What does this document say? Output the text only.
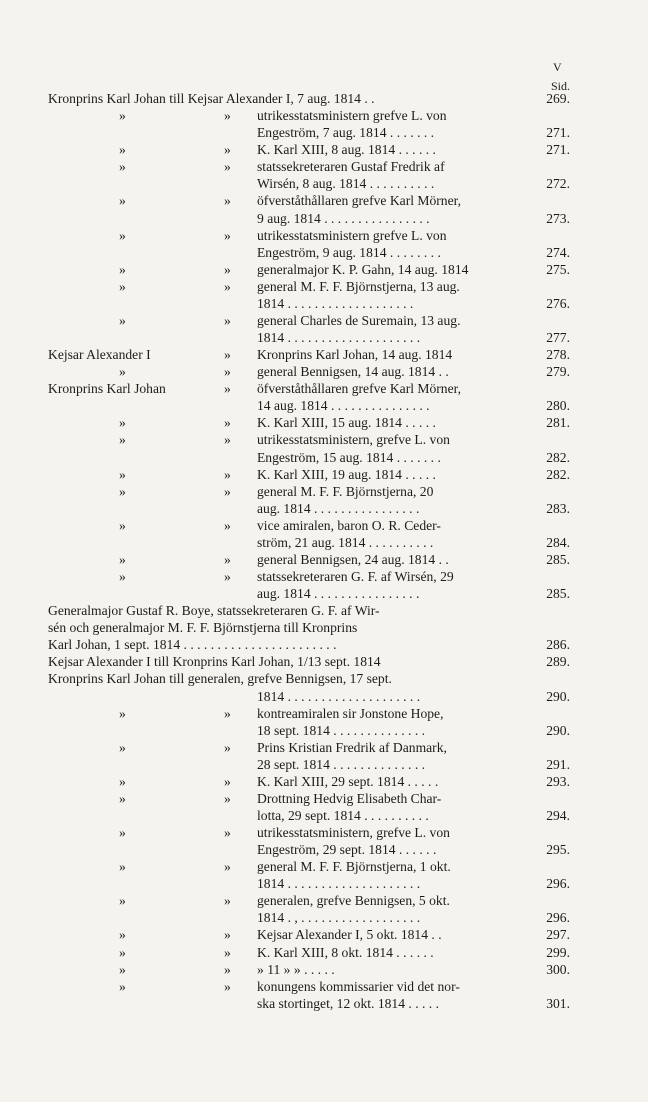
V
Sid.
Kronprins Karl Johan till Kejsar Alexander I, 7 aug. 1814 . .	269.
»	» utrikesstatsministern grefve L. von
Engeström, 7 aug. 1814 . . . . . . .	271.
»	» K. Karl XIII, 8 aug. 1814 . . . . . .	271.
»	» statssekreteraren Gustaf Fredrik af
Wirsén, 8 aug. 1814 . . . . . . . . . .	272.
»	» öfverståthållaren grefve Karl Mörner,
9 aug. 1814 . . . . . . . . . . . . . . . .	273.
»	» utrikesstatsministern grefve L. von
Engeström, 9 aug. 1814 . . . . . . . .	274.
»	» generalmajor K. P. Gahn, 14 aug. 1814	275.
»	» general M. F. F. Björnstjerna, 13 aug.
1814 . . . . . . . . . . . . . . . . . . .	276.
»	» general Charles de Suremain, 13 aug.
1814 . . . . . . . . . . . . . . . . . . . .	277.
Kejsar Alexander I	» Kronprins Karl Johan, 14 aug. 1814	278.
»	» general Bennigsen, 14 aug. 1814 . .	279.
Kronprins Karl Johan	» öfverståthållaren grefve Karl Mörner,
14 aug. 1814 . . . . . . . . . . . . . . .	280.
»	» K. Karl XIII, 15 aug. 1814 . . . . .	281.
»	» utrikesstatsministern, grefve L. von
Engeström, 15 aug. 1814 . . . . . . .	282.
»	» K. Karl XIII, 19 aug. 1814 . . . . .	282.
»	» general M. F. F. Björnstjerna, 20
aug. 1814 . . . . . . . . . . . . . . . .	283.
»	» vice amiralen, baron O. R. Ceder-
ström, 21 aug. 1814 . . . . . . . . . .	284.
»	» general Bennigsen, 24 aug. 1814 . .	285.
»	» statssekreteraren G. F. af Wirsén, 29
aug. 1814 . . . . . . . . . . . . . . . .	285.
Generalmajor Gustaf R. Boye, statssekreteraren G. F. af Wir-
sén och generalmajor M. F. F. Björnstjerna till Kronprins
Karl Johan, 1 sept. 1814 . . . . . . . . . . . . . . . . . . . . . . .	286.
Kejsar Alexander I till Kronprins Karl Johan, 1/13 sept. 1814	289.
Kronprins Karl Johan till generalen, grefve Bennigsen, 17 sept.
1814 . . . . . . . . . . . . . . . . . . . .	290.
»	» kontreamiralen sir Jonstone Hope,
18 sept. 1814 . . . . . . . . . . . . . .	290.
»	» Prins Kristian Fredrik af Danmark,
28 sept. 1814 . . . . . . . . . . . . . .	291.
»	» K. Karl XIII, 29 sept. 1814 . . . . .	293.
»	» Drottning Hedvig Elisabeth Char-
lotta, 29 sept. 1814 . . . . . . . . . .	294.
»	» utrikesstatsministern, grefve L. von
Engeström, 29 sept. 1814 . . . . . .	295.
»	» general M. F. F. Björnstjerna, 1 okt.
1814 . . . . . . . . . . . . . . . . . . . .	296.
»	» generalen, grefve Bennigsen, 5 okt.
1814 . , . . . . . . . . . . . . . . . . . .	296.
»	» Kejsar Alexander I, 5 okt. 1814 . .	297.
»	» K. Karl XIII, 8 okt. 1814 . . . . . .	299.
»	» » 11 » » . . . . .	300.
»	» konungens kommissarier vid det nor-
ska stortinget, 12 okt. 1814 . . . . .	301.
